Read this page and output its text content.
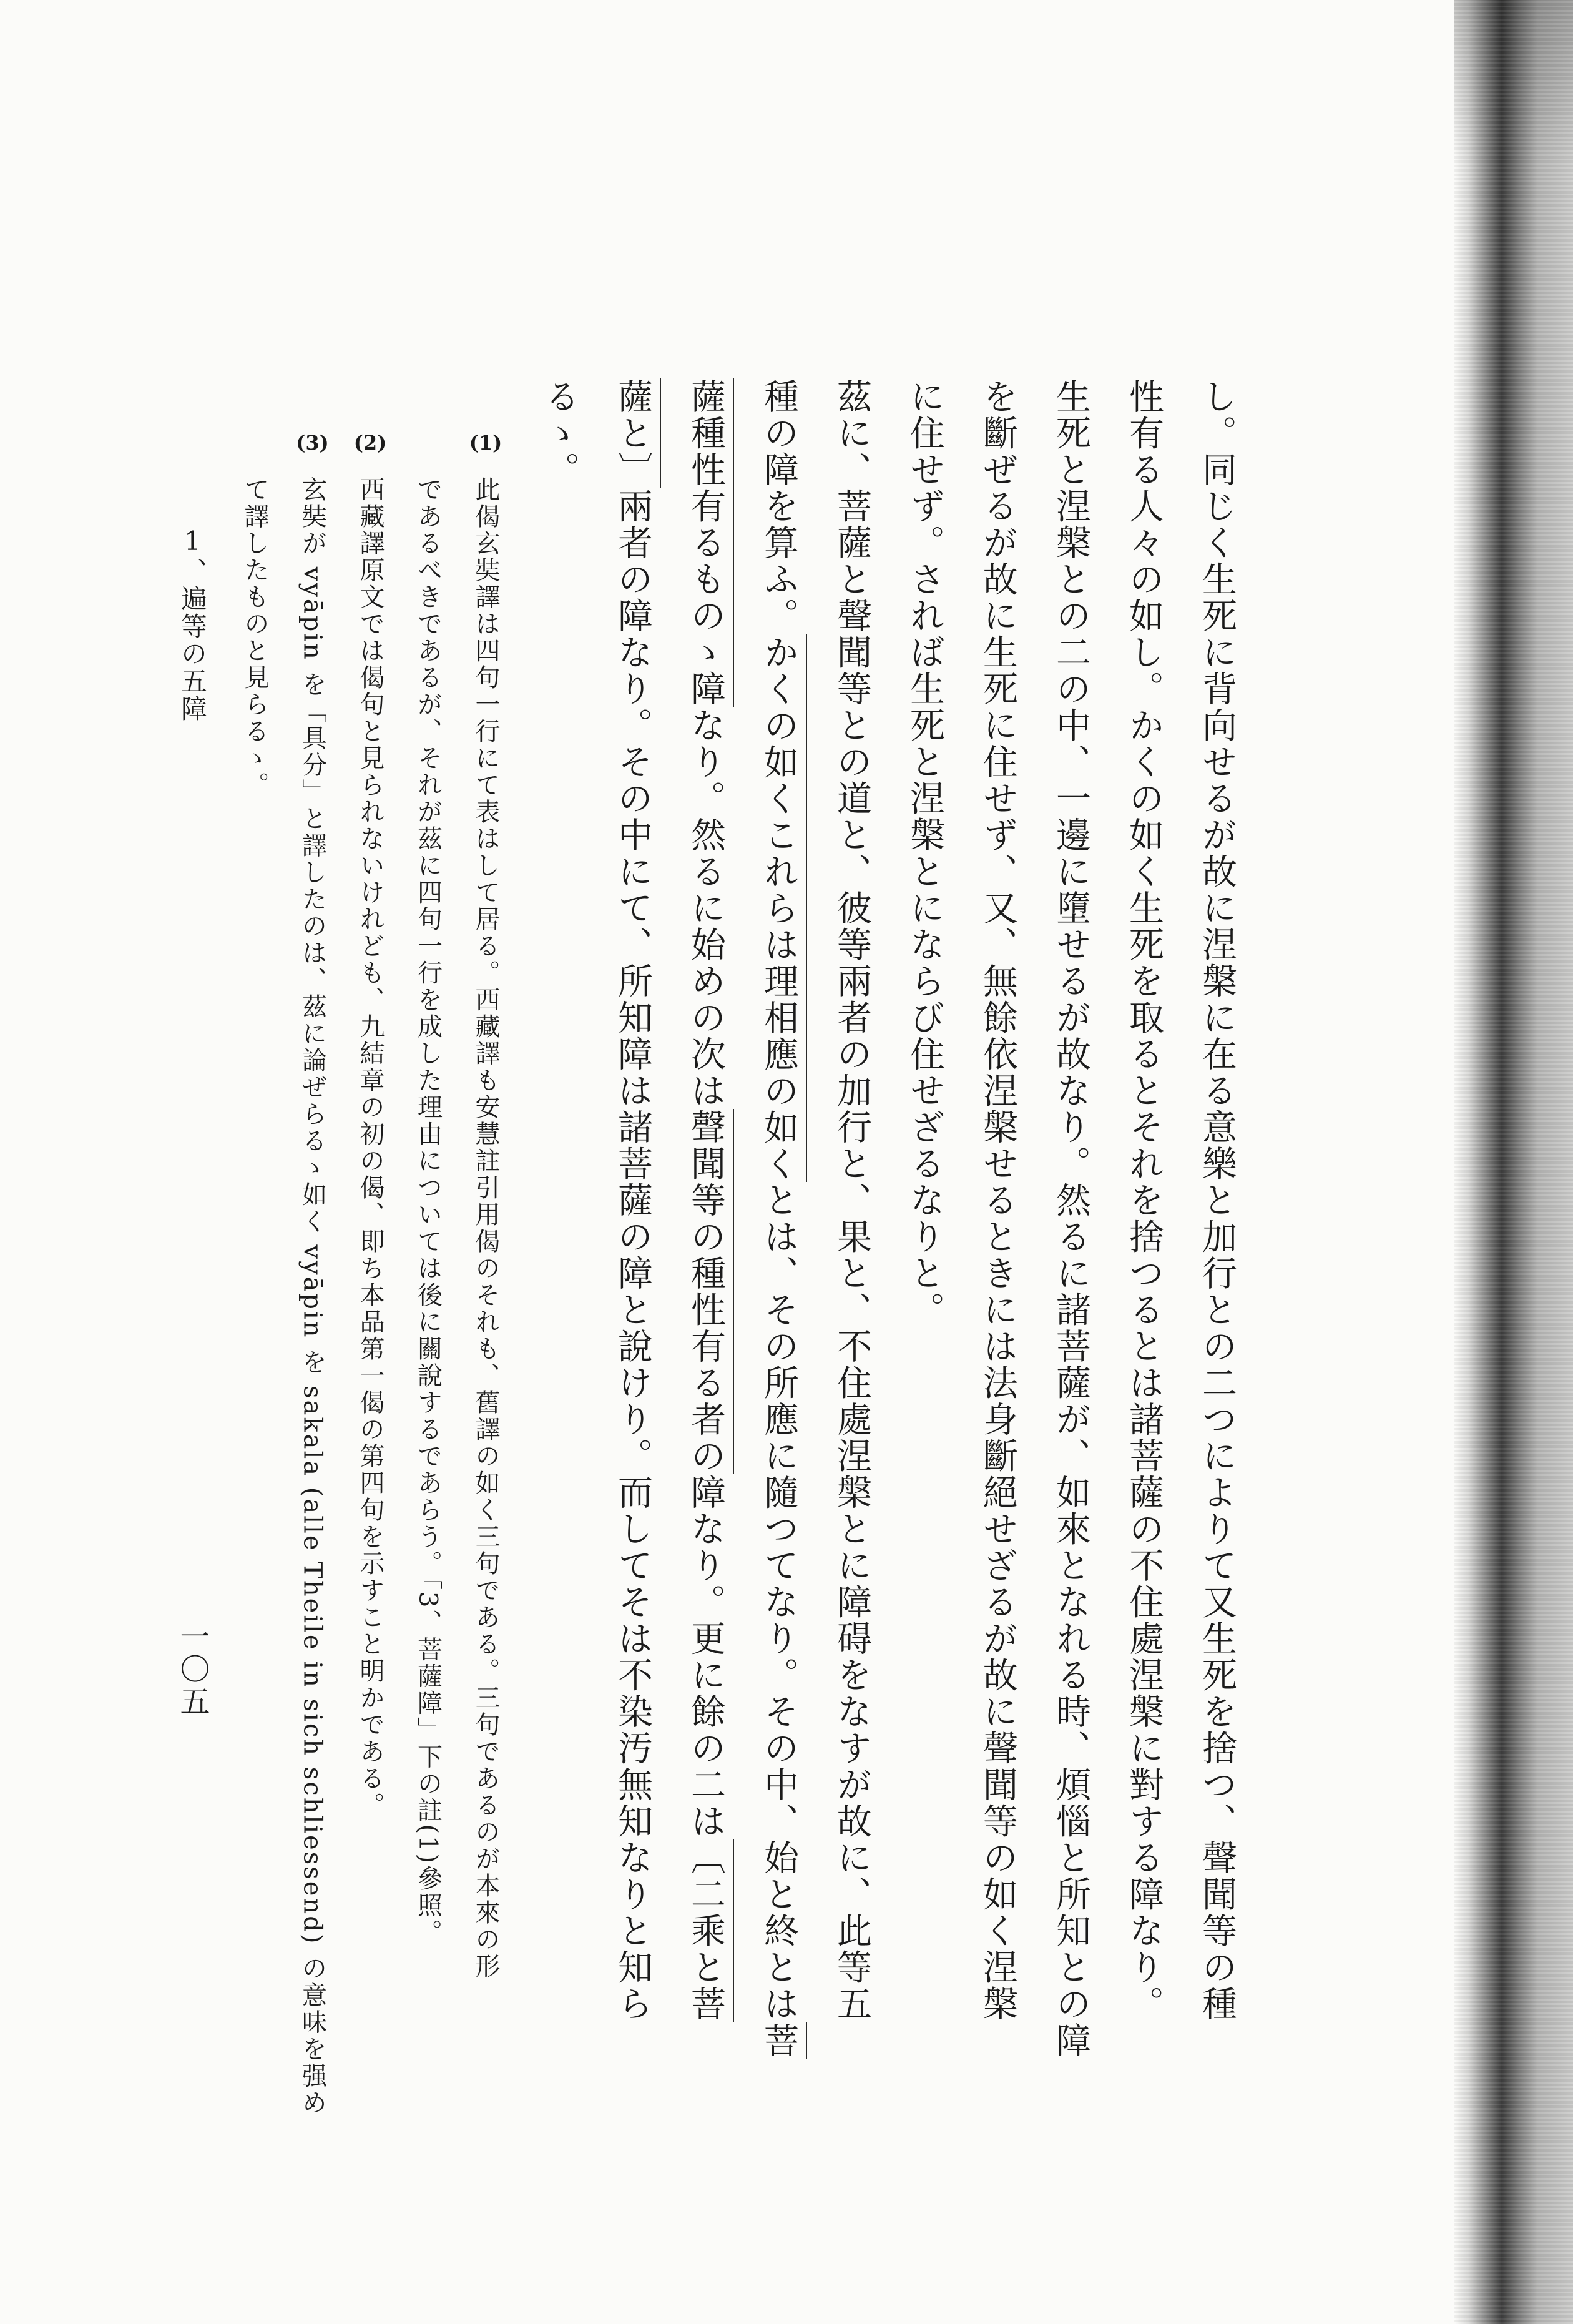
し。同じく生死に背向せるが故に涅槃に在る意樂と加行との二つによりて又生死を捨つ、聲聞等の種
性有る人々の如し。かくの如く生死を取るとそれを捨つるとは諸菩薩の不住處涅槃に對する障なり。
生死と涅槃との二の中、一邊に墮せるが故なり。然るに諸菩薩が、如來となれる時、煩惱と所知との障
を斷ぜるが故に生死に住せず、又、無餘依涅槃せるときには法身斷絕せざるが故に聲聞等の如く涅槃
に住せず。されば生死と涅槃とにならび住せざるなりと。
茲に、菩薩と聲聞等との道と、彼等兩者の加行と、果と、不住處涅槃とに障碍をなすが故に、此等五
種の障を算ふ。かくの如くこれらは理相應の如くとは、その所應に隨つてなり。その中、始と終とは菩
薩種性有るものゝ障なり。然るに始めの次は聲聞等の種性有る者の障なり。更に餘の二は〔二乘と菩
薩と〕兩者の障なり。その中にて、所知障は諸菩薩の障と說けり。而してそは不染汚無知なりと知ら
るゝ。
(1)
此偈玄奘譯は四句一行にて表はして居る。西藏譯も安慧註引用偈のそれも、舊譯の如く三句である。三句であるのが本來の形
であるべきであるが、それが茲に四句一行を成した理由については後に關說するであらう。「3、菩薩障」下の註(1)參照。
(2)
西藏譯原文では偈句と見られないけれども、九結章の初の偈、即ち本品第一偈の第四句を示すこと明かである。
(3)
玄奘が vyāpin を「具分」と譯したのは、茲に論ぜらるゝ如く vyāpin を sakala (alle Theile in sich schliessend) の意味を强め
て譯したものと見らるゝ。
1、遍等の五障
一〇五
